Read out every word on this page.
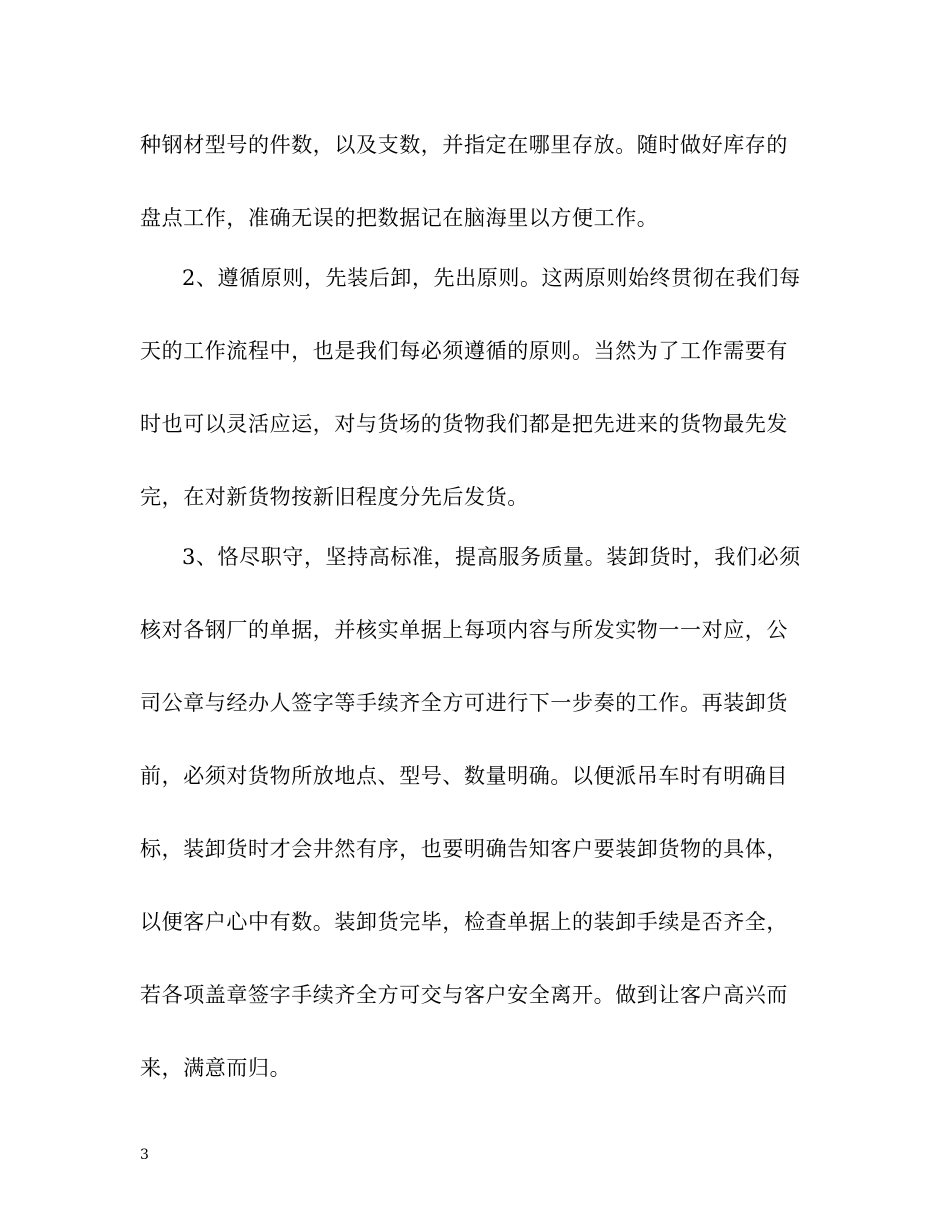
种钢材型号的件数，以及支数，并指定在哪里存放。随时做好库存的
盘点工作，准确无误的把数据记在脑海里以方便工作。
2、遵循原则，先装后卸，先出原则。这两原则始终贯彻在我们每
天的工作流程中，也是我们每必须遵循的原则。当然为了工作需要有
时也可以灵活应运，对与货场的货物我们都是把先进来的货物最先发
完，在对新货物按新旧程度分先后发货。
3、恪尽职守，坚持高标准，提高服务质量。装卸货时，我们必须
核对各钢厂的单据，并核实单据上每项内容与所发实物一一对应，公
司公章与经办人签字等手续齐全方可进行下一步奏的工作。再装卸货
前，必须对货物所放地点、型号、数量明确。以便派吊车时有明确目
标，装卸货时才会井然有序，也要明确告知客户要装卸货物的具体，
以便客户心中有数。装卸货完毕，检查单据上的装卸手续是否齐全，
若各项盖章签字手续齐全方可交与客户安全离开。做到让客户高兴而
来，满意而归。
3
